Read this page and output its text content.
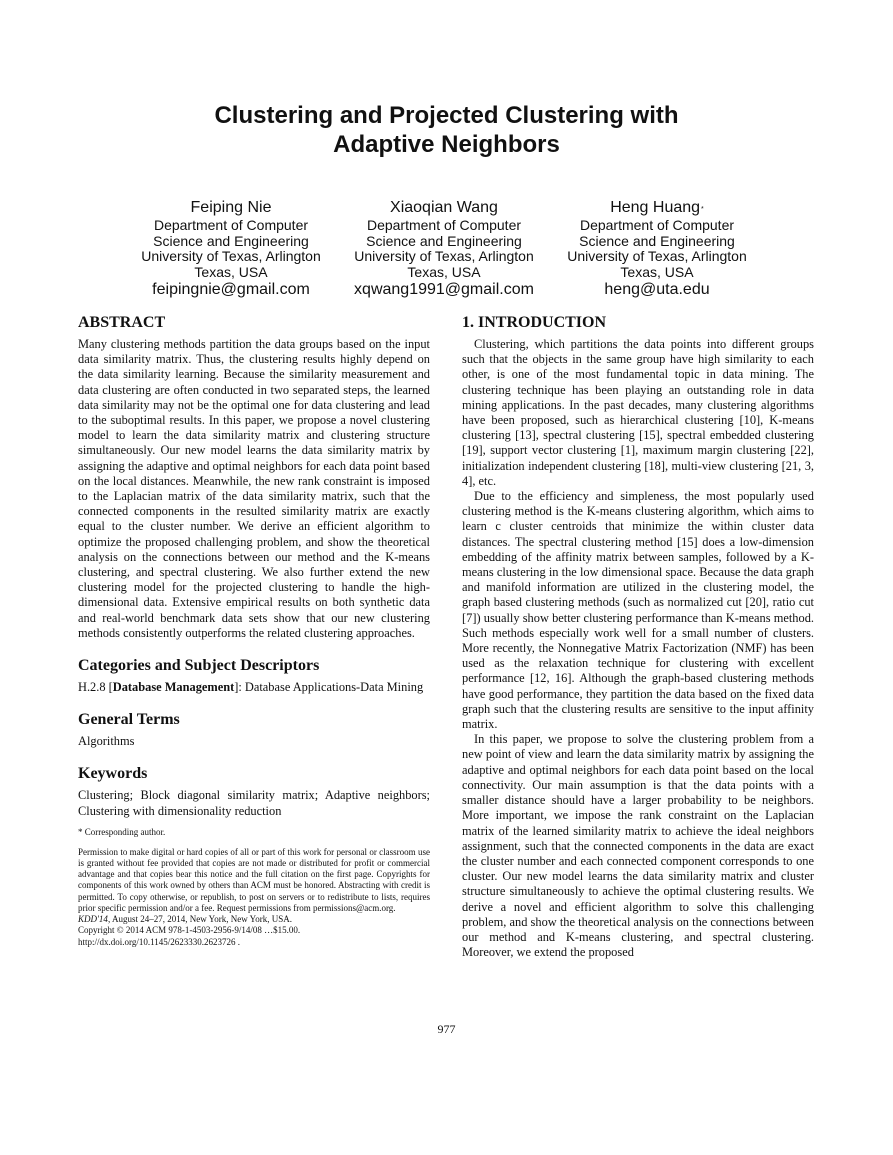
Clustering and Projected Clustering with
Adaptive Neighbors
Feiping Nie
Department of Computer
Science and Engineering
University of Texas, Arlington
Texas, USA
feipingnie@gmail.com
Xiaoqian Wang
Department of Computer
Science and Engineering
University of Texas, Arlington
Texas, USA
xqwang1991@gmail.com
Heng Huang*
Department of Computer
Science and Engineering
University of Texas, Arlington
Texas, USA
heng@uta.edu
ABSTRACT

Many clustering methods partition the data groups based on the input data similarity matrix. Thus, the clustering results highly depend on the data similarity learning. Because the similarity measurement and data clustering are often conducted in two separated steps, the learned data similarity may not be the optimal one for data clustering and lead to the suboptimal results. In this paper, we propose a novel clustering model to learn the data similarity matrix and clustering structure simultaneously. Our new model learns the data similarity matrix by assigning the adaptive and optimal neighbors for each data point based on the local distances. Meanwhile, the new rank constraint is imposed to the Laplacian matrix of the data similarity matrix, such that the connected components in the resulted similarity matrix are exactly equal to the cluster number. We derive an efficient algorithm to optimize the proposed challenging problem, and show the theoretical analysis on the connections between our method and the K-means clustering, and spectral clustering. We also further extend the new clustering model for the projected clustering to handle the high-dimensional data. Extensive empirical results on both synthetic data and real-world benchmark data sets show that our new clustering methods consistently outperforms the related clustering approaches.

Categories and Subject Descriptors

H.2.8 [Database Management]: Database Applications-Data Mining

General Terms

Algorithms

Keywords

Clustering; Block diagonal similarity matrix; Adaptive neighbors; Clustering with dimensionality reduction

* Corresponding author.

Permission to make digital or hard copies of all or part of this work for personal or classroom use is granted without fee provided that copies are not made or distributed for profit or commercial advantage and that copies bear this notice and the full citation on the first page. Copyrights for components of this work owned by others than ACM must be honored. Abstracting with credit is permitted. To copy otherwise, or republish, to post on servers or to redistribute to lists, requires prior specific permission and/or a fee. Request permissions from permissions@acm.org.

KDD'14, August 24–27, 2014, New York, New York, USA.

Copyright © 2014 ACM 978-1-4503-2956-9/14/08 …$15.00.

http://dx.doi.org/10.1145/2623330.2623726 .

1. INTRODUCTION

Clustering, which partitions the data points into different groups such that the objects in the same group have high similarity to each other, is one of the most fundamental topic in data mining. The clustering technique has been playing an outstanding role in data mining applications. In the past decades, many clustering algorithms have been proposed, such as hierarchical clustering [10], K-means clustering [13], spectral clustering [15], spectral embedded clustering [19], support vector clustering [1], maximum margin clustering [22], initialization independent clustering [18], multi-view clustering [21, 3, 4], etc.

Due to the efficiency and simpleness, the most popularly used clustering method is the K-means clustering algorithm, which aims to learn c cluster centroids that minimize the within cluster data distances. The spectral clustering method [15] does a low-dimension embedding of the affinity matrix between samples, followed by a K-means clustering in the low dimensional space. Because the data graph and manifold information are utilized in the clustering model, the graph based clustering methods (such as normalized cut [20], ratio cut [7]) usually show better clustering performance than K-means method. Such methods especially work well for a small number of clusters. More recently, the Nonnegative Matrix Factorization (NMF) has been used as the relaxation technique for clustering with excellent performance [12, 16]. Although the graph-based clustering methods have good performance, they partition the data based on the fixed data graph such that the clustering results are sensitive to the input affinity matrix.

In this paper, we propose to solve the clustering problem from a new point of view and learn the data similarity matrix by assigning the adaptive and optimal neighbors for each data point based on the local connectivity. Our main assumption is that the data points with a smaller distance should have a larger probability to be neighbors. More important, we impose the rank constraint on the Laplacian matrix of the learned similarity matrix to achieve the ideal neighbors assignment, such that the connected components in the data are exact the cluster number and each connected component corresponds to one cluster. Our new model learns the data similarity matrix and cluster structure simultaneously to achieve the optimal clustering results. We derive a novel and efficient algorithm to solve this challenging problem, and show the theoretical analysis on the connections between our method and K-means clustering, and spectral clustering. Moreover, we extend the proposed

977
